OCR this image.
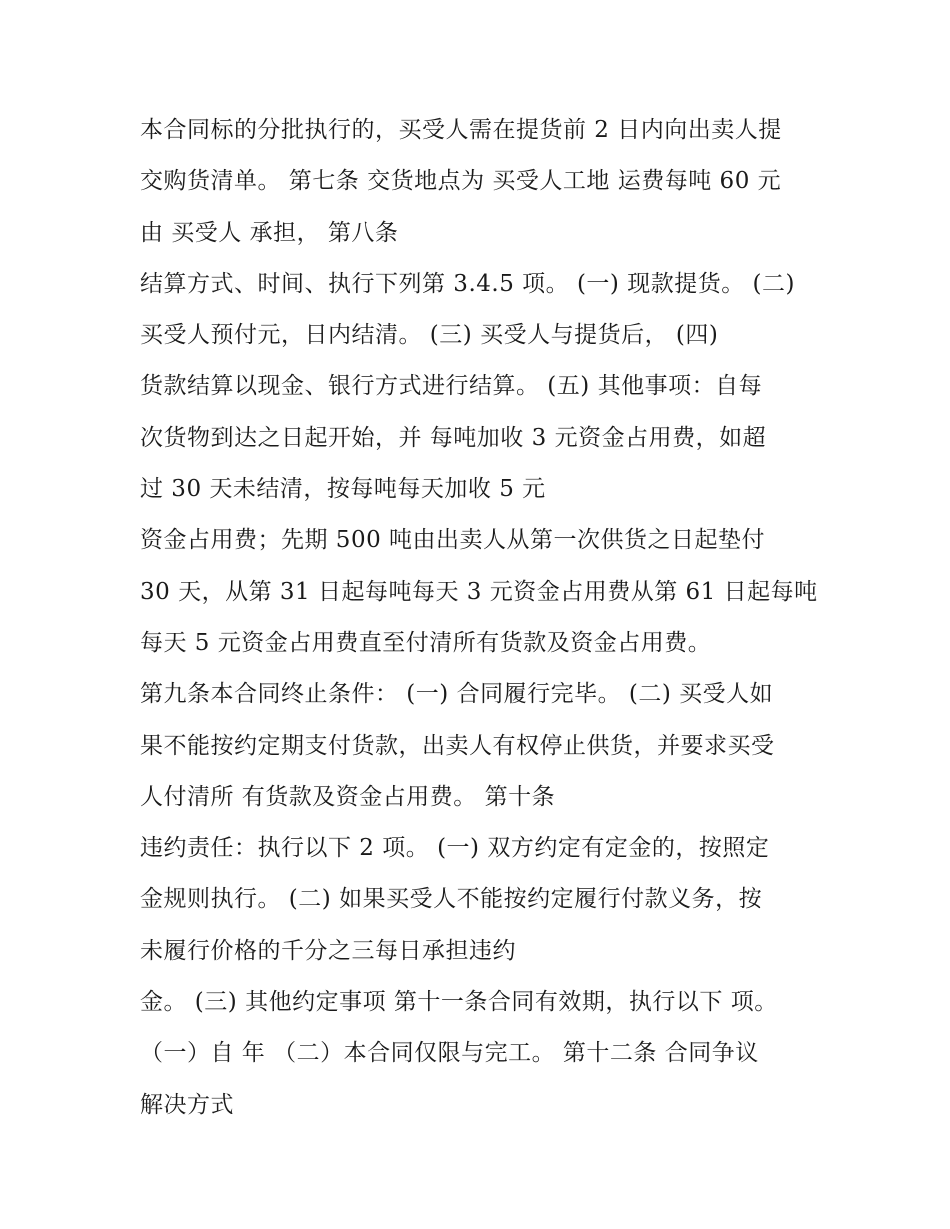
本合同标的分批执行的，买受人需在提货前 2 日内向出卖人提
交购货清单。 第七条 交货地点为 买受人工地 运费每吨 60 元
由 买受人 承担， 第八条
结算方式、时间、执行下列第 3.4.5 项。 (一) 现款提货。 (二)
买受人预付元，日内结清。 (三) 买受人与提货后， (四)
货款结算以现金、银行方式进行结算。 (五) 其他事项：自每
次货物到达之日起开始，并 每吨加收 3 元资金占用费，如超
过 30 天未结清，按每吨每天加收 5 元
资金占用费；先期 500 吨由出卖人从第一次供货之日起垫付
30 天，从第 31 日起每吨每天 3 元资金占用费从第 61 日起每吨
每天 5 元资金占用费直至付清所有货款及资金占用费。
第九条本合同终止条件： (一) 合同履行完毕。 (二) 买受人如
果不能按约定期支付货款，出卖人有权停止供货，并要求买受
人付清所 有货款及资金占用费。 第十条
违约责任：执行以下 2 项。 (一) 双方约定有定金的，按照定
金规则执行。 (二) 如果买受人不能按约定履行付款义务，按
未履行价格的千分之三每日承担违约
金。 (三) 其他约定事项 第十一条合同有效期，执行以下 项。
（一）自 年 （二）本合同仅限与完工。 第十二条 合同争议
解决方式
